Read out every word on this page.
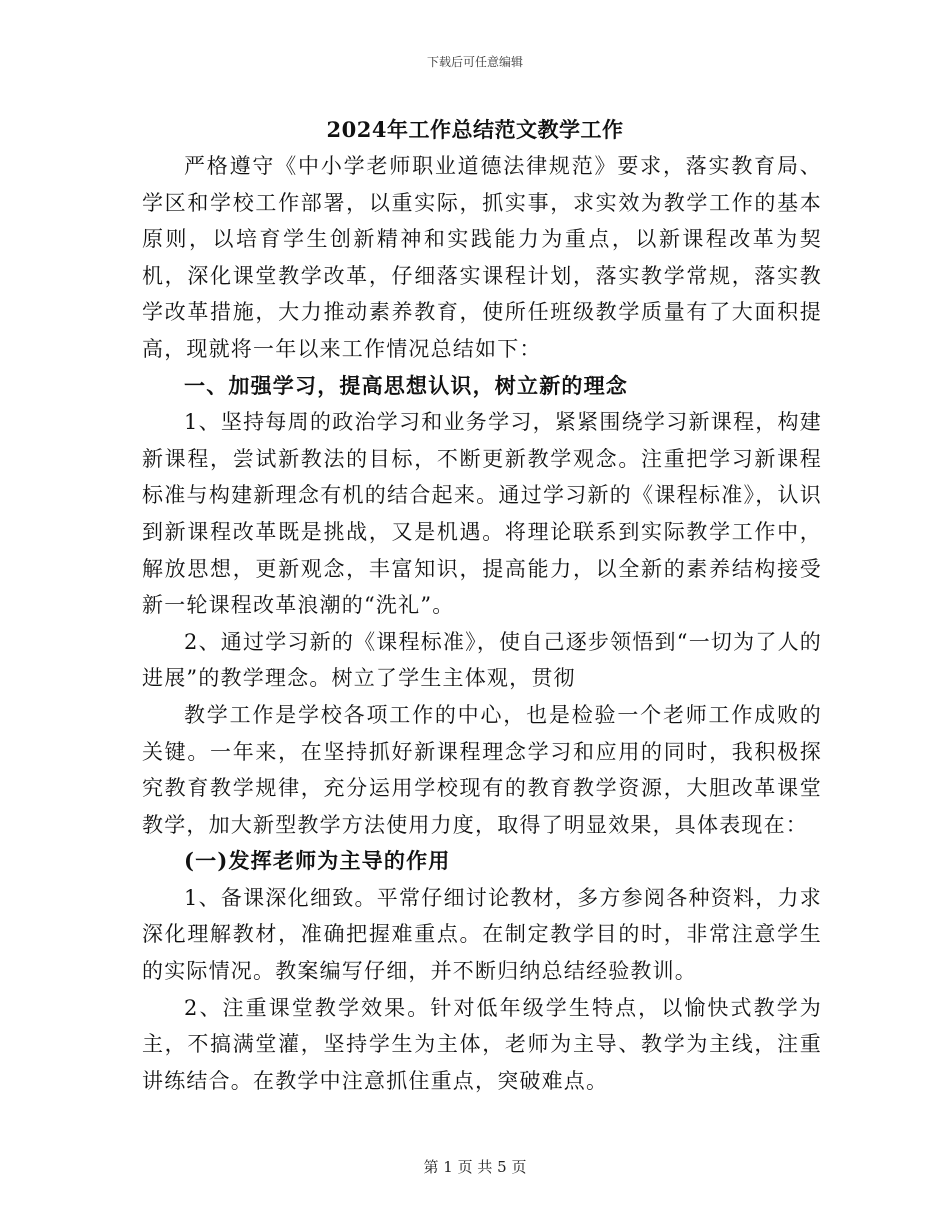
下载后可任意编辑
2024年工作总结范文教学工作

严格遵守《中小学老师职业道德法律规范》要求，落实教育局、学区和学校工作部署，以重实际，抓实事，求实效为教学工作的基本原则，以培育学生创新精神和实践能力为重点，以新课程改革为契机，深化课堂教学改革，仔细落实课程计划，落实教学常规，落实教学改革措施，大力推动素养教育，使所任班级教学质量有了大面积提高，现就将一年以来工作情况总结如下：

一、加强学习，提高思想认识，树立新的理念

1、坚持每周的政治学习和业务学习，紧紧围绕学习新课程，构建新课程，尝试新教法的目标，不断更新教学观念。注重把学习新课程标准与构建新理念有机的结合起来。通过学习新的《课程标准》，认识到新课程改革既是挑战，又是机遇。将理论联系到实际教学工作中，解放思想，更新观念，丰富知识，提高能力，以全新的素养结构接受新一轮课程改革浪潮的“洗礼”。

2、通过学习新的《课程标准》，使自己逐步领悟到“一切为了人的进展”的教学理念。树立了学生主体观，贯彻

教学工作是学校各项工作的中心，也是检验一个老师工作成败的关键。一年来，在坚持抓好新课程理念学习和应用的同时，我积极探究教育教学规律，充分运用学校现有的教育教学资源，大胆改革课堂教学，加大新型教学方法使用力度，取得了明显效果，具体表现在：

(一)发挥老师为主导的作用

1、备课深化细致。平常仔细讨论教材，多方参阅各种资料，力求深化理解教材，准确把握难重点。在制定教学目的时，非常注意学生的实际情况。教案编写仔细，并不断归纳总结经验教训。

2、注重课堂教学效果。针对低年级学生特点，以愉快式教学为主，不搞满堂灌，坚持学生为主体，老师为主导、教学为主线，注重讲练结合。在教学中注意抓住重点，突破难点。

第 1 页 共 5 页
